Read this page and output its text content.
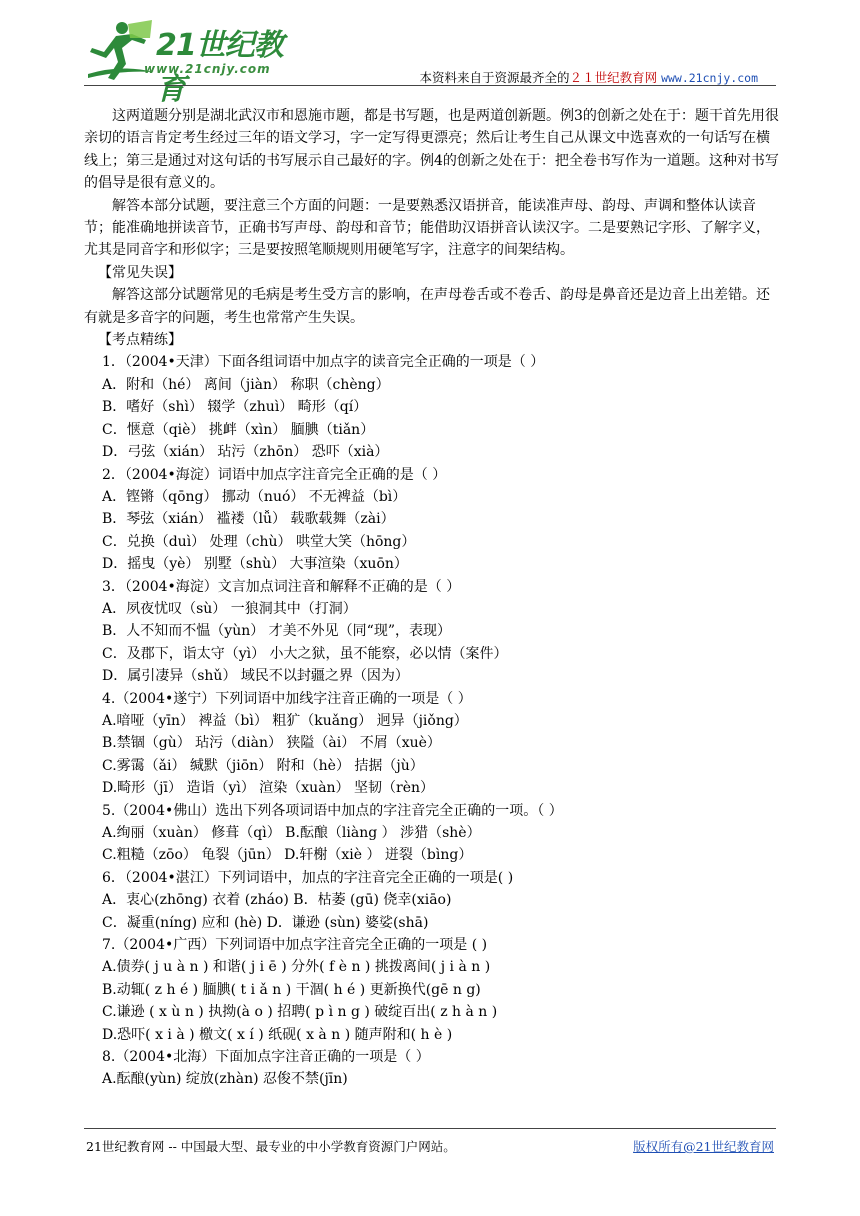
21世纪教育
www.21cnjy.com
本资料来自于资源最齐全的２１世纪教育网 www.21cnjy.com

这两道题分别是湖北武汉市和恩施市题，都是书写题，也是两道创新题。例3的创新之处在于：题干首先用很亲切的语言肯定考生经过三年的语文学习，字一定写得更漂亮；然后让考生自己从课文中选喜欢的一句话写在横线上；第三是通过对这句话的书写展示自己最好的字。例4的创新之处在于：把全卷书写作为一道题。这种对书写的倡导是很有意义的。

解答本部分试题，要注意三个方面的问题：一是要熟悉汉语拼音，能读准声母、韵母、声调和整体认读音节；能准确地拼读音节，正确书写声母、韵母和音节；能借助汉语拼音认读汉字。二是要熟记字形、了解字义，尤其是同音字和形似字；三是要按照笔顺规则用硬笔写字，注意字的间架结构。

【常见失误】

解答这部分试题常见的毛病是考生受方言的影响，在声母卷舌或不卷舌、韵母是鼻音还是边音上出差错。还有就是多音字的问题，考生也常常产生失误。

【考点精练】

1．（2004•天津）下面各组词语中加点字的读音完全正确的一项是（ ）

A．附和（hé） 离间（jiàn） 称职（chèng）

B．嗜好（shì） 辍学（zhuì） 畸形（qí）

C．惬意（qiè） 挑衅（xìn） 腼腆（tiǎn）

D．弓弦（xián） 玷污（zhōn） 恐吓（xià）

2．（2004•海淀）词语中加点字注音完全正确的是（ ）

A．铿锵（qōng） 挪动（nuó） 不无裨益（bì）

B．琴弦（xián） 褴褛（lǚ） 载歌载舞（zài）

C．兑换（duì） 处理（chù） 哄堂大笑（hōng）

D．摇曳（yè） 别墅（shù） 大事渲染（xuōn）

3．（2004•海淀）文言加点词注音和解释不正确的是（ ）

A．夙夜忧叹（sù） 一狼洞其中（打洞）

B．人不知而不愠（yùn） 才美不外见（同“现”，表现）

C．及郡下，诣太守（yì） 小大之狱，虽不能察，必以情（案件）

D．属引凄异（shǔ） 域民不以封疆之界（因为）

4.（2004•遂宁）下列词语中加线字注音正确的一项是（ ）

A.喑哑（yīn） 裨益（bì） 粗犷（kuǎng） 迥异（jiǒng）

B.禁锢（gù） 玷污（diàn） 狭隘（ài） 不屑（xuè）

C.雾霭（ǎi） 缄默（jiōn） 附和（hè） 拮据（jù）

D.畸形（jī） 造诣（yì） 渲染（xuàn） 坚韧（rèn）

5.（2004•佛山）选出下列各项词语中加点的字注音完全正确的一项。（ ）

A.绚丽（xuàn） 修葺（qì） B.酝酿（liàng ） 涉猎（shè）

C.粗糙（zōo） 龟裂（jūn） D.轩榭（xiè ） 迸裂（bìng）

6．（2004•湛江）下列词语中，加点的字注音完全正确的一项是( )

A．衷心(zhōng) 衣着 (zháo) B．枯萎 (gū) 侥幸(xiāo)

C．凝重(níng) 应和 (hè) D．谦逊 (sùn) 婆娑(shā)

7.（2004•广西）下列词语中加点字注音完全正确的一项是 ( )

A.债券( j u à n ) 和谐( j i ē ) 分外( f è n ) 挑拨离间( j i à n )

B.动辄( z h é ) 腼腆( t i ǎ n ) 干涸( h é ) 更新换代(gē n g)

C.谦逊 ( x ù n ) 执拗(à o ) 招聘( p ì n g ) 破绽百出( z h à n )

D.恐吓( x i à ) 檄文( x í ) 纸砚( x à n ) 随声附和( h è )

8.（2004•北海）下面加点字注音正确的一项是（ ）

A.酝酿(yùn) 绽放(zhàn) 忍俊不禁(jīn)

21世纪教育网 -- 中国最大型、最专业的中小学教育资源门户网站。	版权所有@21世纪教育网
